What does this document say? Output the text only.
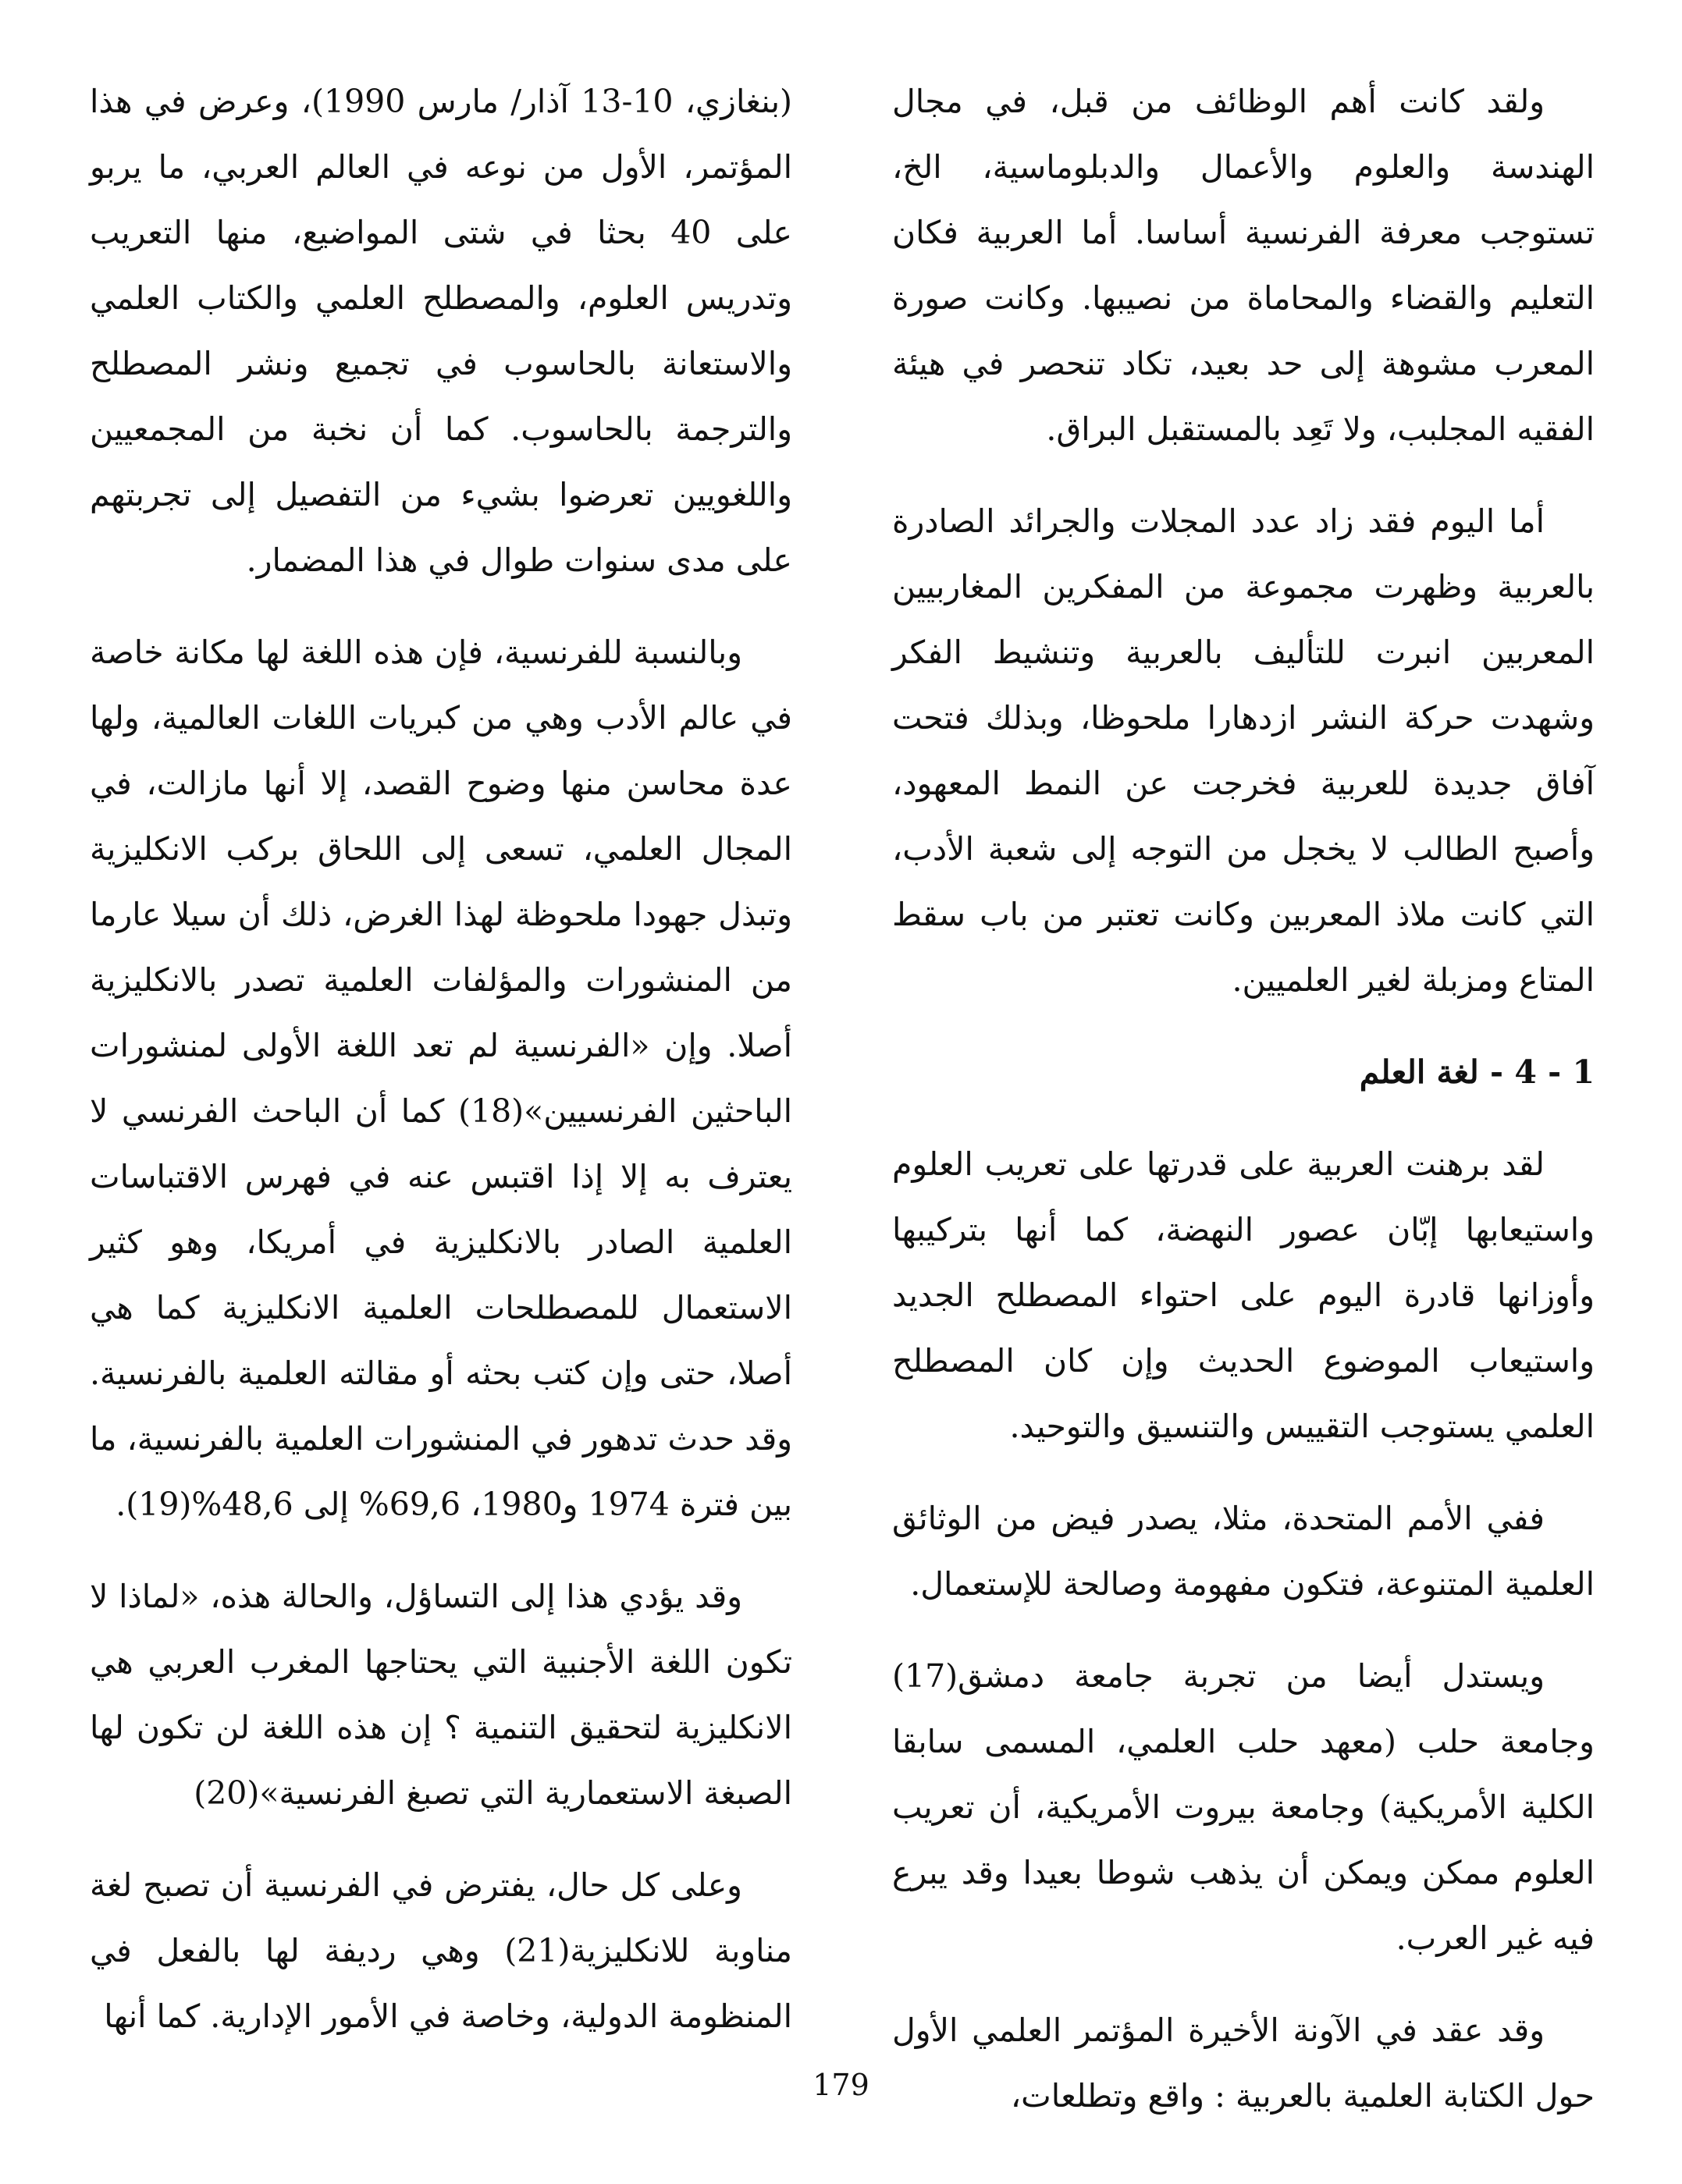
ولقد كانت أهم الوظائف من قبل، في مجال الهندسة والعلوم والأعمال والدبلوماسية، الخ، تستوجب معرفة الفرنسية أساسا. أما العربية فكان التعليم والقضاء والمحاماة من نصيبها. وكانت صورة المعرب مشوهة إلى حد بعيد، تكاد تنحصر في هيئة الفقيه المجلبب، ولا تَعِد بالمستقبل البراق.

أما اليوم فقد زاد عدد المجلات والجرائد الصادرة بالعربية وظهرت مجموعة من المفكرين المغاربيين المعربين انبرت للتأليف بالعربية وتنشيط الفكر وشهدت حركة النشر ازدهارا ملحوظا، وبذلك فتحت آفاق جديدة للعربية فخرجت عن النمط المعهود، وأصبح الطالب لا يخجل من التوجه إلى شعبة الأدب، التي كانت ملاذ المعربين وكانت تعتبر من باب سقط المتاع ومزبلة لغير العلميين.

1 - 4 - لغة العلم

لقد برهنت العربية على قدرتها على تعريب العلوم واستيعابها إبّان عصور النهضة، كما أنها بتركيبها وأوزانها قادرة اليوم على احتواء المصطلح الجديد واستيعاب الموضوع الحديث وإن كان المصطلح العلمي يستوجب التقييس والتنسيق والتوحيد.

ففي الأمم المتحدة، مثلا، يصدر فيض من الوثائق العلمية المتنوعة، فتكون مفهومة وصالحة للإستعمال.

ويستدل أيضا من تجربة جامعة دمشق(17) وجامعة حلب (معهد حلب العلمي، المسمى سابقا الكلية الأمريكية) وجامعة بيروت الأمريكية، أن تعريب العلوم ممكن ويمكن أن يذهب شوطا بعيدا وقد يبرع فيه غير العرب.

وقد عقد في الآونة الأخيرة المؤتمر العلمي الأول حول الكتابة العلمية بالعربية : واقع وتطلعات،

(بنغازي، 10-13 آذار/ مارس 1990)، وعرض في هذا المؤتمر، الأول من نوعه في العالم العربي، ما يربو على 40 بحثا في شتى المواضيع، منها التعريب وتدريس العلوم، والمصطلح العلمي والكتاب العلمي والاستعانة بالحاسوب في تجميع ونشر المصطلح والترجمة بالحاسوب. كما أن نخبة من المجمعيين واللغويين تعرضوا بشيء من التفصيل إلى تجربتهم على مدى سنوات طوال في هذا المضمار.

وبالنسبة للفرنسية، فإن هذه اللغة لها مكانة خاصة في عالم الأدب وهي من كبريات اللغات العالمية، ولها عدة محاسن منها وضوح القصد، إلا أنها مازالت، في المجال العلمي، تسعى إلى اللحاق بركب الانكليزية وتبذل جهودا ملحوظة لهذا الغرض، ذلك أن سيلا عارما من المنشورات والمؤلفات العلمية تصدر بالانكليزية أصلا. وإن «الفرنسية لم تعد اللغة الأولى لمنشورات الباحثين الفرنسيين»(18) كما أن الباحث الفرنسي لا يعترف به إلا إذا اقتبس عنه في فهرس الاقتباسات العلمية الصادر بالانكليزية في أمريكا، وهو كثير الاستعمال للمصطلحات العلمية الانكليزية كما هي أصلا، حتى وإن كتب بحثه أو مقالته العلمية بالفرنسية. وقد حدث تدهور في المنشورات العلمية بالفرنسية، ما بين فترة 1974 و1980، 69,6% إلى 48,6%(19).

وقد يؤدي هذا إلى التساؤل، والحالة هذه، «لماذا لا تكون اللغة الأجنبية التي يحتاجها المغرب العربي هي الانكليزية لتحقيق التنمية ؟ إن هذه اللغة لن تكون لها الصبغة الاستعمارية التي تصبغ الفرنسية»(20)

وعلى كل حال، يفترض في الفرنسية أن تصبح لغة مناوبة للانكليزية(21) وهي رديفة لها بالفعل في المنظومة الدولية، وخاصة في الأمور الإدارية. كما أنها

179
